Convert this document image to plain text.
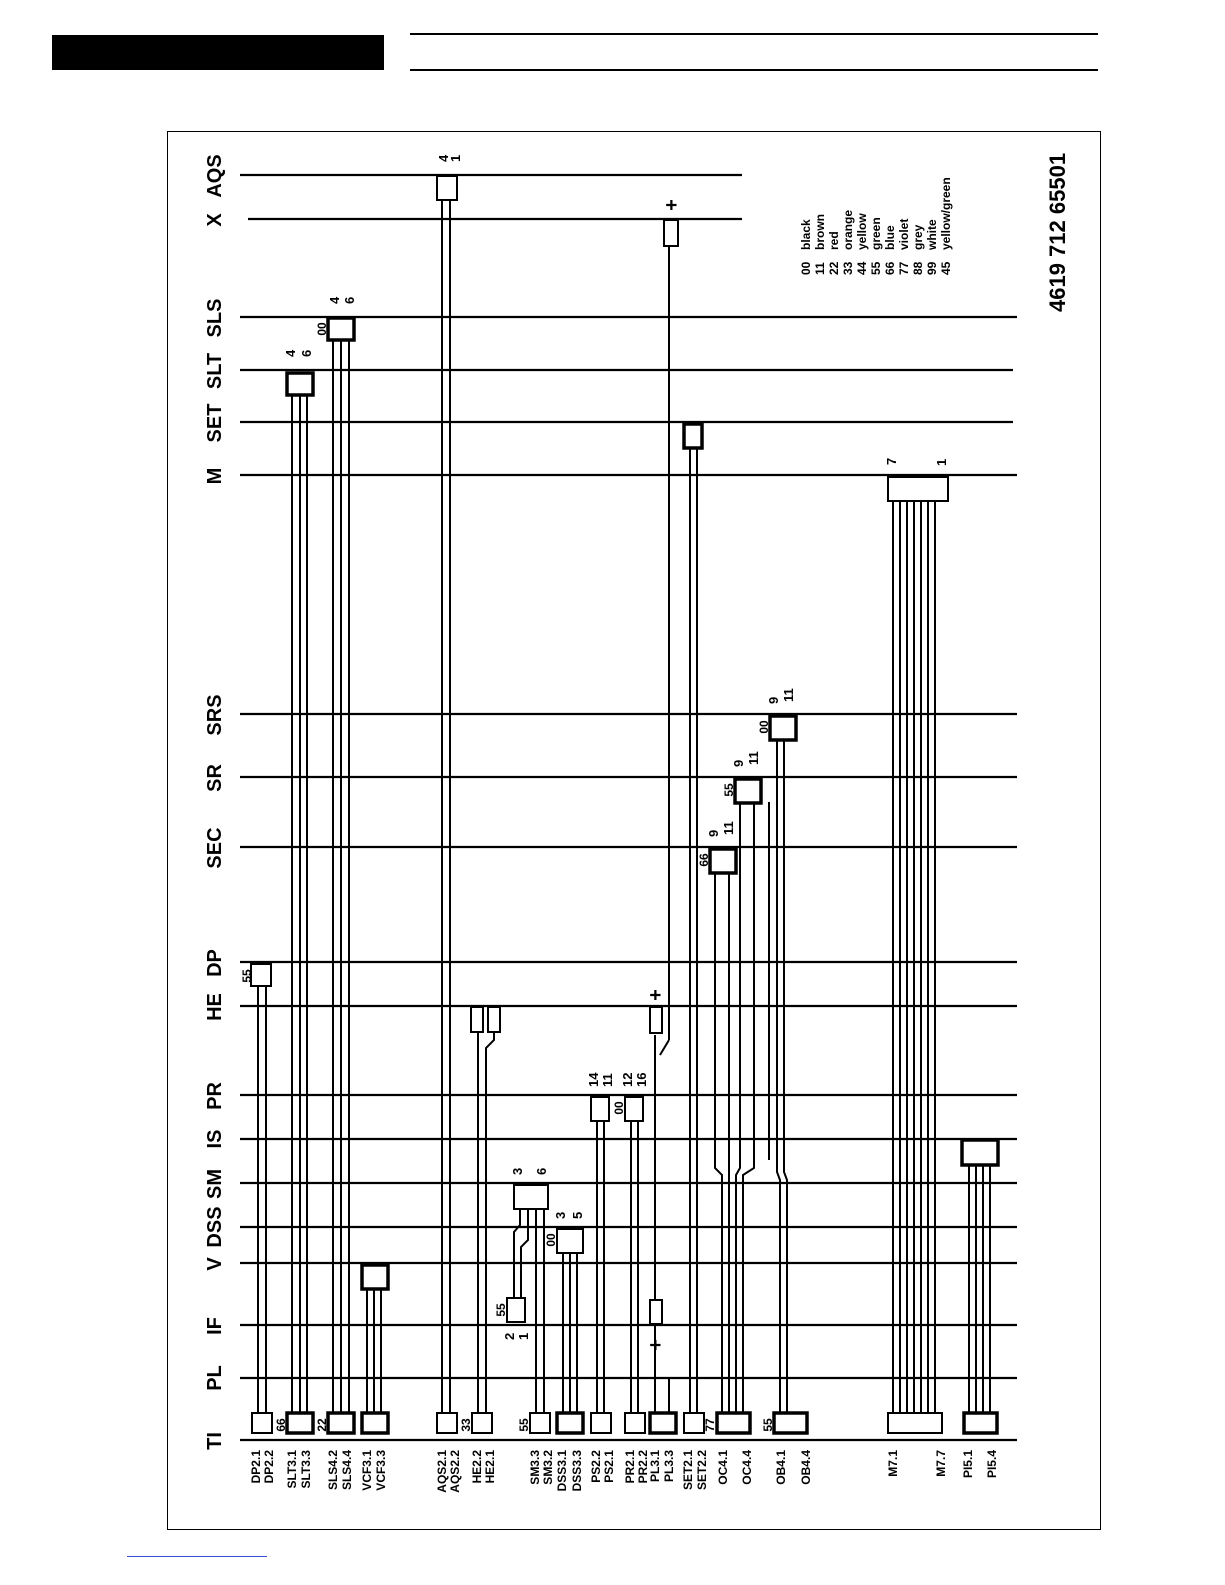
TI
PL
IF
V
DSS
SM
IS
PR
HE
DP
SEC
SR
SRS
M
SET
SLT
SLS
X
AQS
+
+
+
55
66 22	33	55	77	55
00
00
00
55
66
55
00
4
1
4 6
4 6
7	1
9 11
9 11
9 11
14 11 12 16
3 6
3 5
2 1
DP2.1 DP2.2 SLT3.1 SLT3.3 SLS4.2 SLS4.4 VCF3.1 VCF3.3	AQS2.1 AQS2.2 HE2.2 HE2.1	SM3.3 SM3.2 DSS3.1 DSS3.3 PS2.2 PS2.1 PR2.1 PR2.2
PL3.1 PL3.3 SET2.1 SET2.2 OC4.1 OC4.4 OB4.1 OB4.4	M7.1	M7.7 PI5.1 PI5.4
00
black
11
brown
22
red
33
orange
44
yellow
55
green
66
blue
77
violet
88
grey
99
white
45
yellow/green	4619 712 65501
